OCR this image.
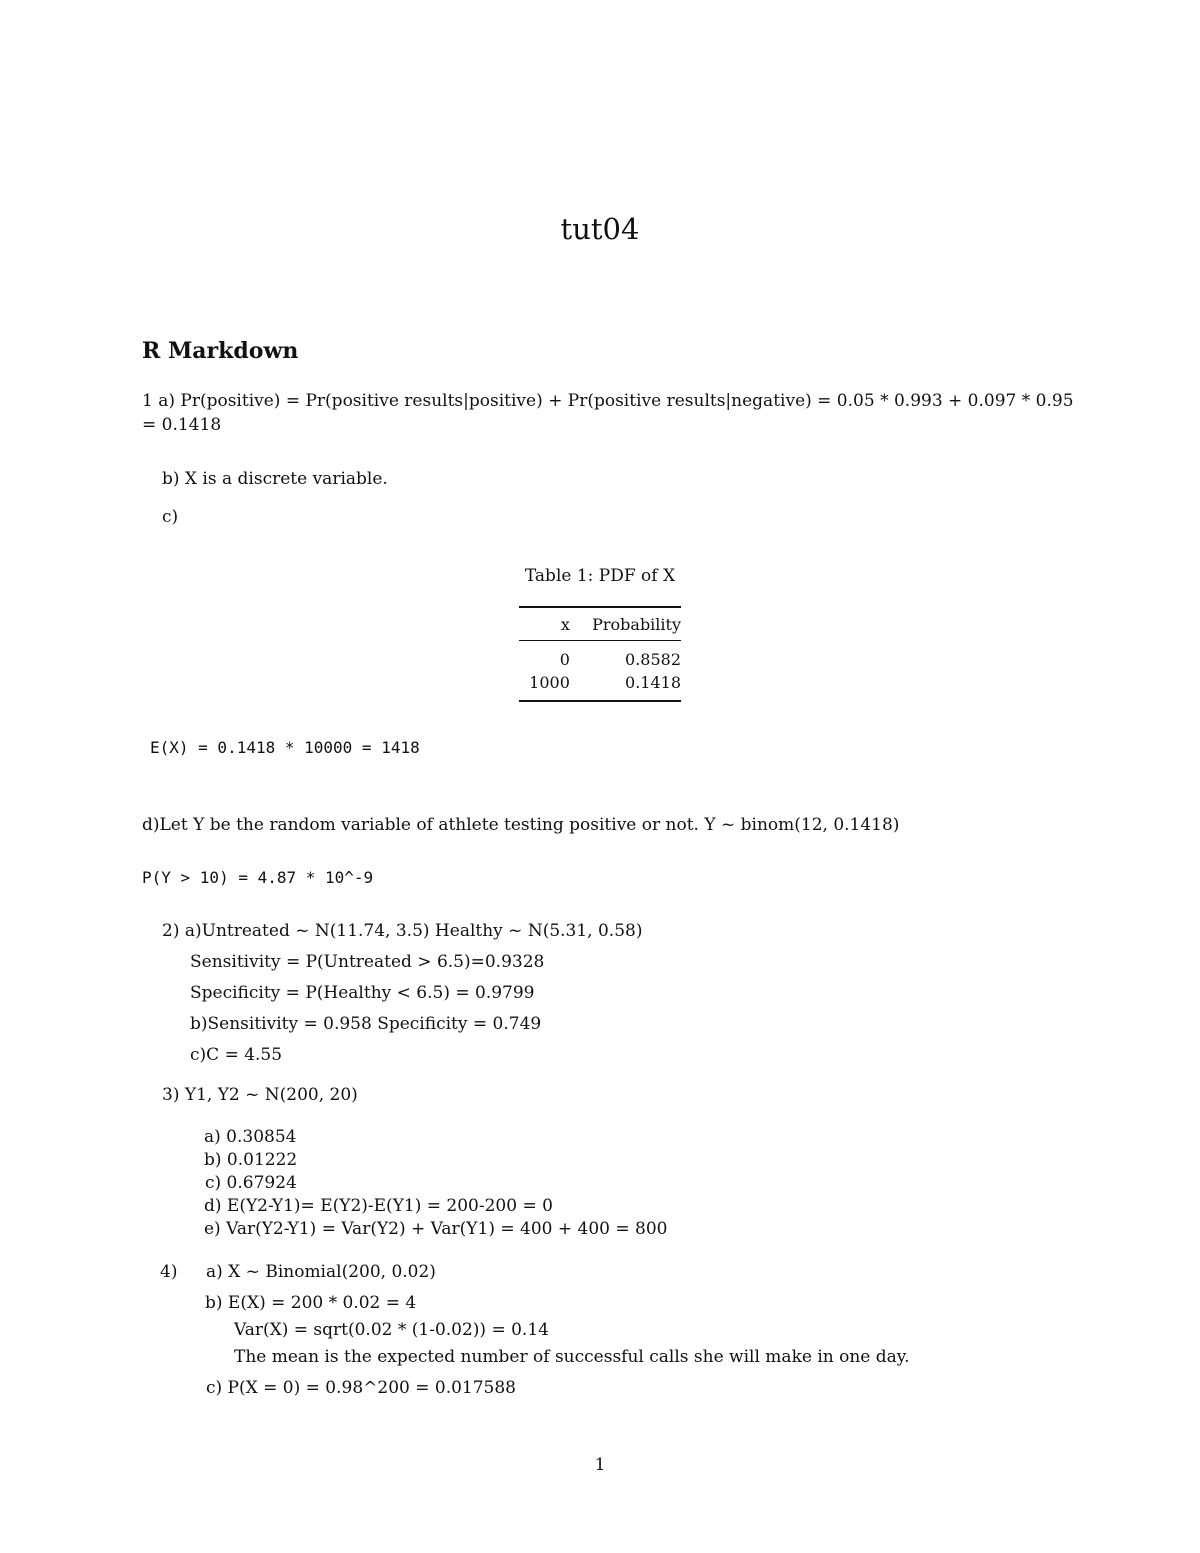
tut04
R Markdown
1 a) Pr(positive) = Pr(positive results|positive) + Pr(positive results|negative) = 0.05 * 0.993 + 0.097 * 0.95
= 0.1418
b) X is a discrete variable.
c)
Table 1: PDF of X
x	Probability
0	0.8582
1000	0.1418
E(X) = 0.1418 * 10000 = 1418
d)Let Y be the random variable of athlete testing positive or not. Y ~ binom(12, 0.1418)
P(Y > 10) = 4.87 * 10^-9
2) a)Untreated ~ N(11.74, 3.5) Healthy ~ N(5.31, 0.58)
Sensitivity = P(Untreated > 6.5)=0.9328
Specificity = P(Healthy < 6.5) = 0.9799
b)Sensitivity = 0.958 Specificity = 0.749
c)C = 4.55
3) Y1, Y2 ~ N(200, 20)
a) 0.30854
b) 0.01222
c) 0.67924
d) E(Y2-Y1)= E(Y2)-E(Y1) = 200-200 = 0
e) Var(Y2-Y1) = Var(Y2) + Var(Y1) = 400 + 400 = 800
4) a) X ~ Binomial(200, 0.02)
b) E(X) = 200 * 0.02 = 4
Var(X) = sqrt(0.02 * (1-0.02)) = 0.14
The mean is the expected number of successful calls she will make in one day.
c) P(X = 0) = 0.98^200 = 0.017588
1
